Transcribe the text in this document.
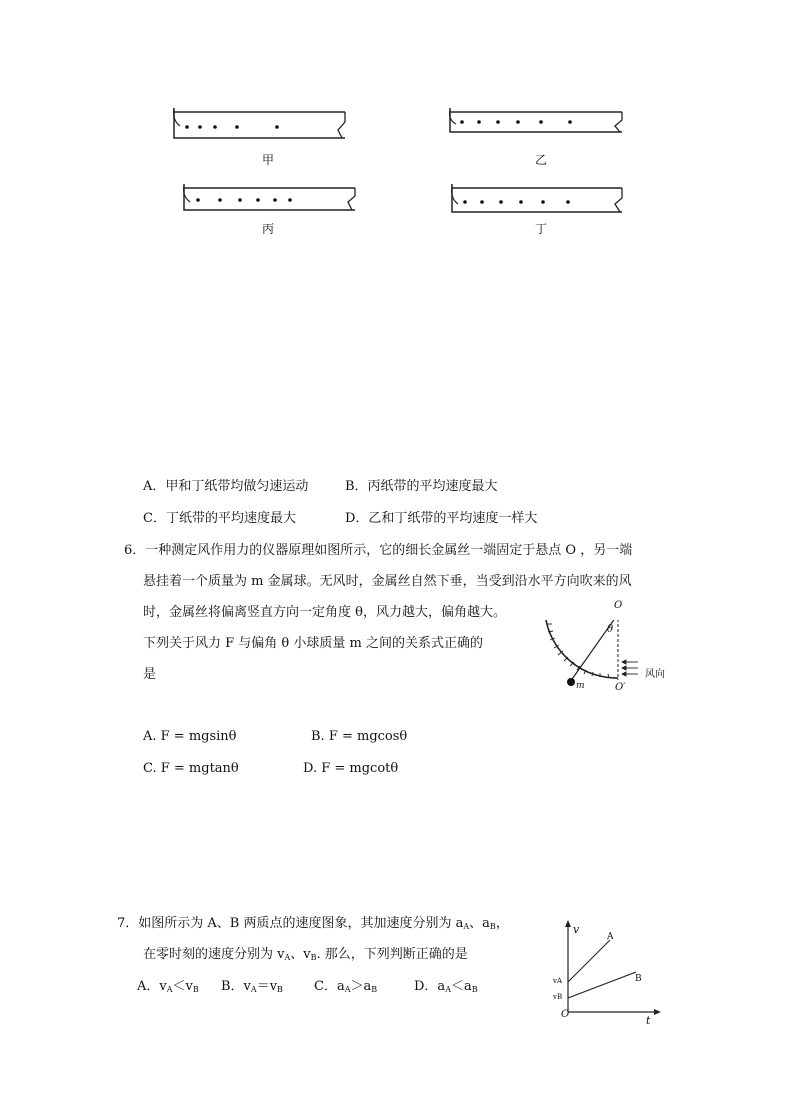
甲	乙
丙	丁
A．甲和丁纸带均做匀速运动	B．丙纸带的平均速度最大
C．丁纸带的平均速度最大	D．乙和丁纸带的平均速度一样大
6．一种测定风作用力的仪器原理如图所示，它的细长金属丝一端固定于悬点 O ，另一端
悬挂着一个质量为 m 金属球。无风时，金属丝自然下垂，当受到沿水平方向吹来的风
时，金属丝将偏离竖直方向一定角度 θ，风力越大，偏角越大。
下列关于风力 F 与偏角 θ 小球质量 m 之间的关系式正确的
是
O
θ
m	O′
风向
A. F = mgsinθ	B. F = mgcosθ
C. F = mgtanθ	D. F = mgcotθ
7．如图所示为 A、B 两质点的速度图象，其加速度分别为 $a_A$、$a_B$，
在零时刻的速度分别为 $v_A$、$v_B$. 那么，下列判断正确的是
A．$v_A<v_B$ B．$v_A=v_B$ C．$a_A>a_B$	D．$a_A<a_B$
v
t
O
A
B
vA
vB
